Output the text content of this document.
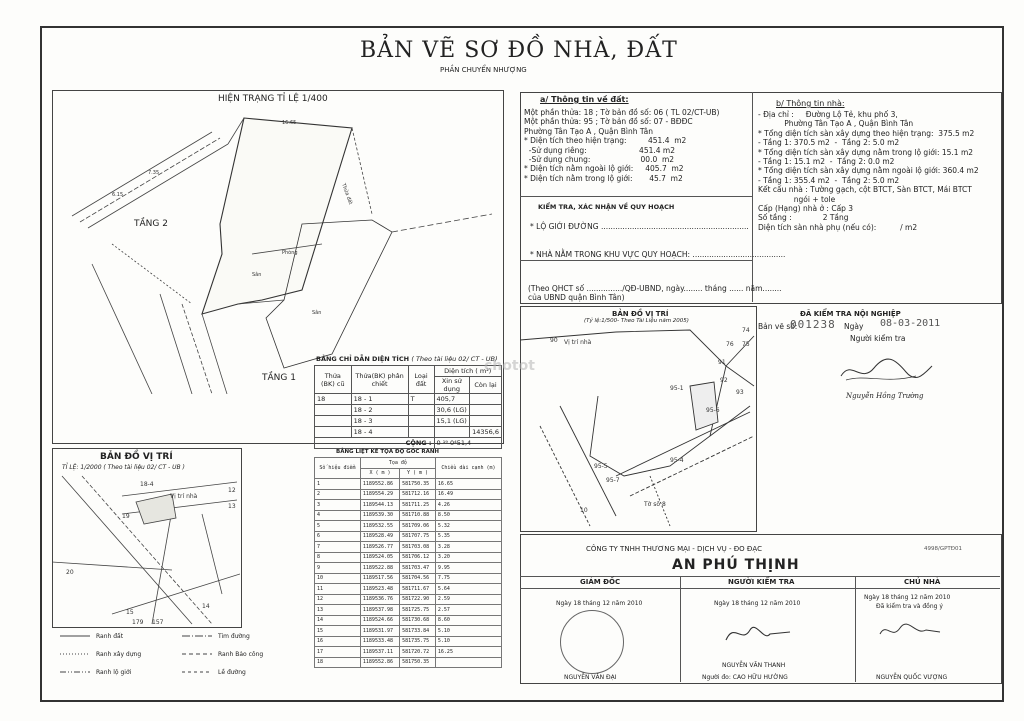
BẢN VẼ SƠ ĐỒ NHÀ, ĐẤT
PHẦN CHUYỂN NHƯỢNG
HIỆN TRẠNG TỈ LỆ 1/400
16.65
Thửa đất
Sân
Sân
Phòng
6.15
7.35
TẦNG 2
TẦNG 1
BẢNG CHỈ DẪN DIỆN TÍCH ( Theo tài liệu 02/ CT - UB)
Thửa (BK) cũ	Thửa(BK) phân chiết	Loại đất	Diện tích ( m²)	
			Xin sử dụng	Còn lại
18	18 - 1	T	405,7	
	18 - 2		30,6 (LG)	
	18 - 3		15,1 (LG)	
	18 - 4			14356,6
CỘNG :			0 ¹⁹ 0⁴51,4	
BẢNG LIỆT KÊ TỌA ĐỘ GÓC RANH
Số hiệu điểm	Tọa độ		Chiều dài cạnh (m)
	X ( m )	Y ( m )	
1	1189552.86	581750.35	16.65
2	1189554.29	581712.16	16.49
3	1189544.13	581711.25	4.26
4	1189539.30	581710.88	8.50
5	1189532.55	581709.06	5.32
6	1189528.49	581707.75	5.35
7	1189526.77	581703.08	3.28
8	1189524.05	581706.12	3.20
9	1189522.88	581703.47	9.95
10	1189517.56	581704.56	7.75
11	1189523.48	581711.67	5.64
12	1189536.76	581722.90	2.59
13	1189537.98	581725.75	2.57
14	1189524.66	581730.68	8.60
15	1189531.97	581733.84	5.10
16	1189533.48	581735.75	5.10
17	1189537.11	581720.72	16.25
18	1189552.86	581750.35	
BẢN ĐỒ VỊ TRÍ
TỈ LỆ: 1/2000 ( Theo tài liệu 02/ CT - UB )
18-4
Vị trí nhà
19
13
12
14
20
15
179 157
Ranh đất	Tim đường
Ranh xây dựng	Ranh Bảo công
Ranh lộ giới	Lề đường
a/ Thông tin về đất:
Một phần thửa: 18 ; Tờ bản đồ số: 06 ( TL 02/CT-UB)
Một phần thửa: 95 ; Tờ bản đồ số: 07 - BĐĐC
Phường Tân Tạo A , Quận Bình Tân
* Diện tích theo hiện trạng:         451.4  m2
-Sử dụng riêng:                      451.4 m2
-Sử dụng chung:                     00.0  m2
* Diện tích nằm ngoài lộ giới:     405.7  m2
* Diện tích nằm trong lộ giới:       45.7  m2
b/ Thông tin nhà:
- Địa chỉ :     Đường Lộ Tẻ, khu phố 3,
Phường Tân Tạo A , Quận Bình Tân
* Tổng diện tích sàn xây dựng theo hiện trạng:  375.5 m2
- Tầng 1: 370.5 m2  -  Tầng 2: 5.0 m2
* Tổng diện tích sàn xây dựng nằm trong lộ giới: 15.1 m2
- Tầng 1: 15.1 m2  -  Tầng 2: 0.0 m2
* Tổng diện tích sàn xây dựng nằm ngoài lộ giới: 360.4 m2
- Tầng 1: 355.4 m2  -  Tầng 2: 5.0 m2
Kết cấu nhà : Tường gạch, cột BTCT, Sàn BTCT, Mái BTCT
ngói + tole
Cấp (Hạng) nhà ở : Cấp 3
Số tầng :             2 Tầng
Diện tích sàn nhà phụ (nếu có):          / m2
KIỂM TRA, XÁC NHẬN VỀ QUY HOẠCH
* LỘ GIỚI ĐƯỜNG ..............................................................
* NHÀ NẰM TRONG KHU VỰC QUY HOẠCH: .......................................
(Theo QHCT số .............../QĐ-UBND, ngày........ tháng ...... năm........
của UBND quận Bình Tân)
BẢN ĐỒ VỊ TRÍ
(Tỷ lệ:1/500- Theo Tài Liệu năm 2005)
90 Vị trí nhà
95-1
95-4
74
76 75
91
92
93
95-5
95-6
95-7
10
Tờ số 8
ĐÃ KIỂM TRA NỘI NGHIỆP
Bản vẽ số:
001238 Ngày 08-03-2011
Người kiểm tra
Nguyễn Hồng Trường
CÔNG TY TNHH THƯƠNG MẠI - DỊCH VỤ - ĐO ĐẠC	4998/GPTĐ01
AN PHÚ THỊNH
GIÁM ĐỐC	NGƯỜI KIỂM TRA	CHỦ NHÀ
Ngày 18 tháng 12 năm 2010	Ngày 18 tháng 12 năm 2010
Ngày 18 tháng 12 năm 2010
Đã kiểm tra và đồng ý
NGUYỄN VĂN ĐẠI
NGUYỄN VĂN THANH
Người đo: CAO HỮU HƯỜNG	NGUYỄN QUỐC VƯỢNG
chotot
